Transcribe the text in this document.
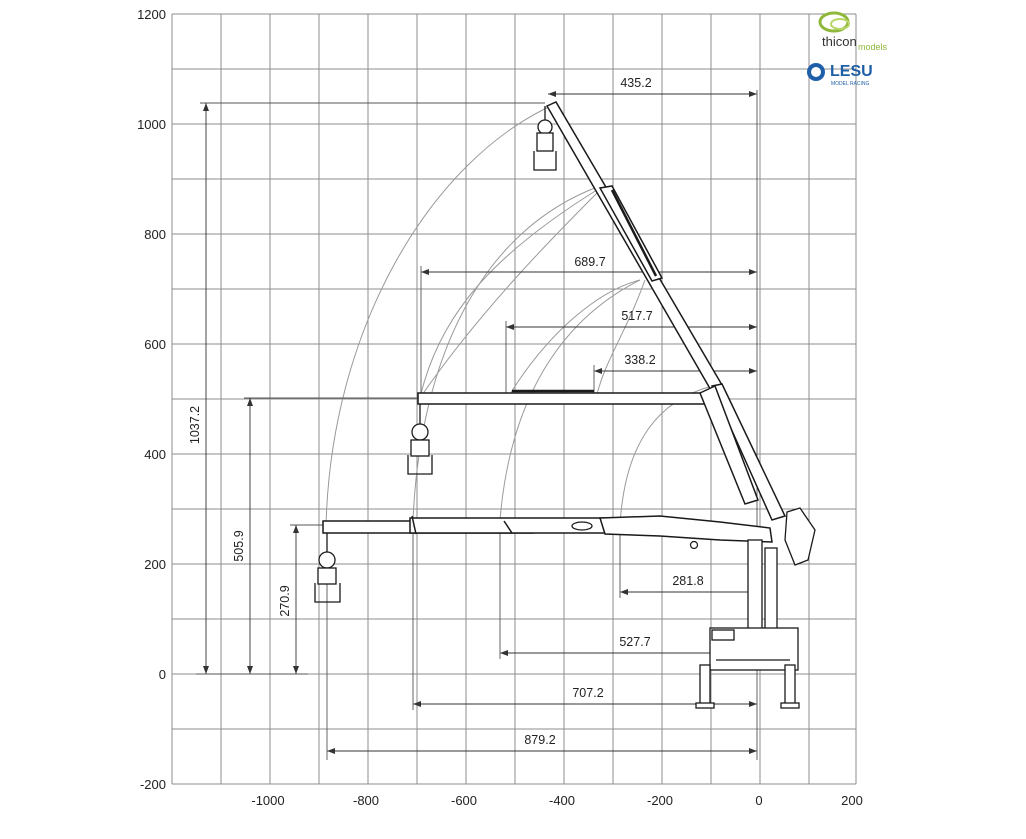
1200
1000
800
600
400
200
0
-200
-1000	-800	-600	-400	-200	0	200
435.2
689.7
517.7
338.2
281.8
527.7
707.2
879.2
1037.2
505.9
270.9
thicon models
LESU
MODEL RACING
